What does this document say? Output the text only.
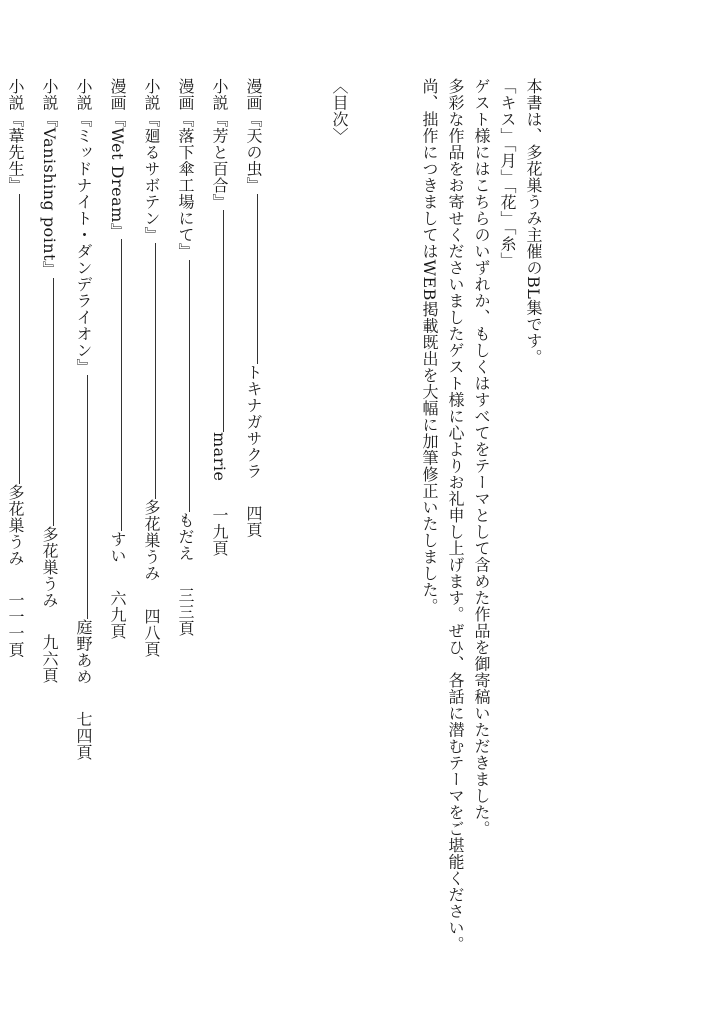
本書は、多花巣うみ主催のBL集です。
「キス」「月」「花」「糸」
ゲスト様にはこちらのいずれか、もしくはすべてをテーマとして含めた作品を御寄稿いただきました。
多彩な作品をお寄せくださいましたゲスト様に心よりお礼申し上げます。ぜひ、各話に潜むテーマをご堪能ください。
尚、拙作につきましてはWEB掲載既出を大幅に加筆修正いたしました。
〈目次〉
漫画『天の虫』トキナガサクラ四頁
小説『芳と百合』marie一九頁
漫画『落下傘工場にて』もだえ三三頁
小説『廻るサボテン』多花巣うみ四八頁
漫画『Wet Dream』すい六九頁
小説『ミッドナイト・ダンデライオン』庭野あめ七四頁
小説『Vanishing point』多花巣うみ九六頁
小説『葦先生』多花巣うみ一一一頁
